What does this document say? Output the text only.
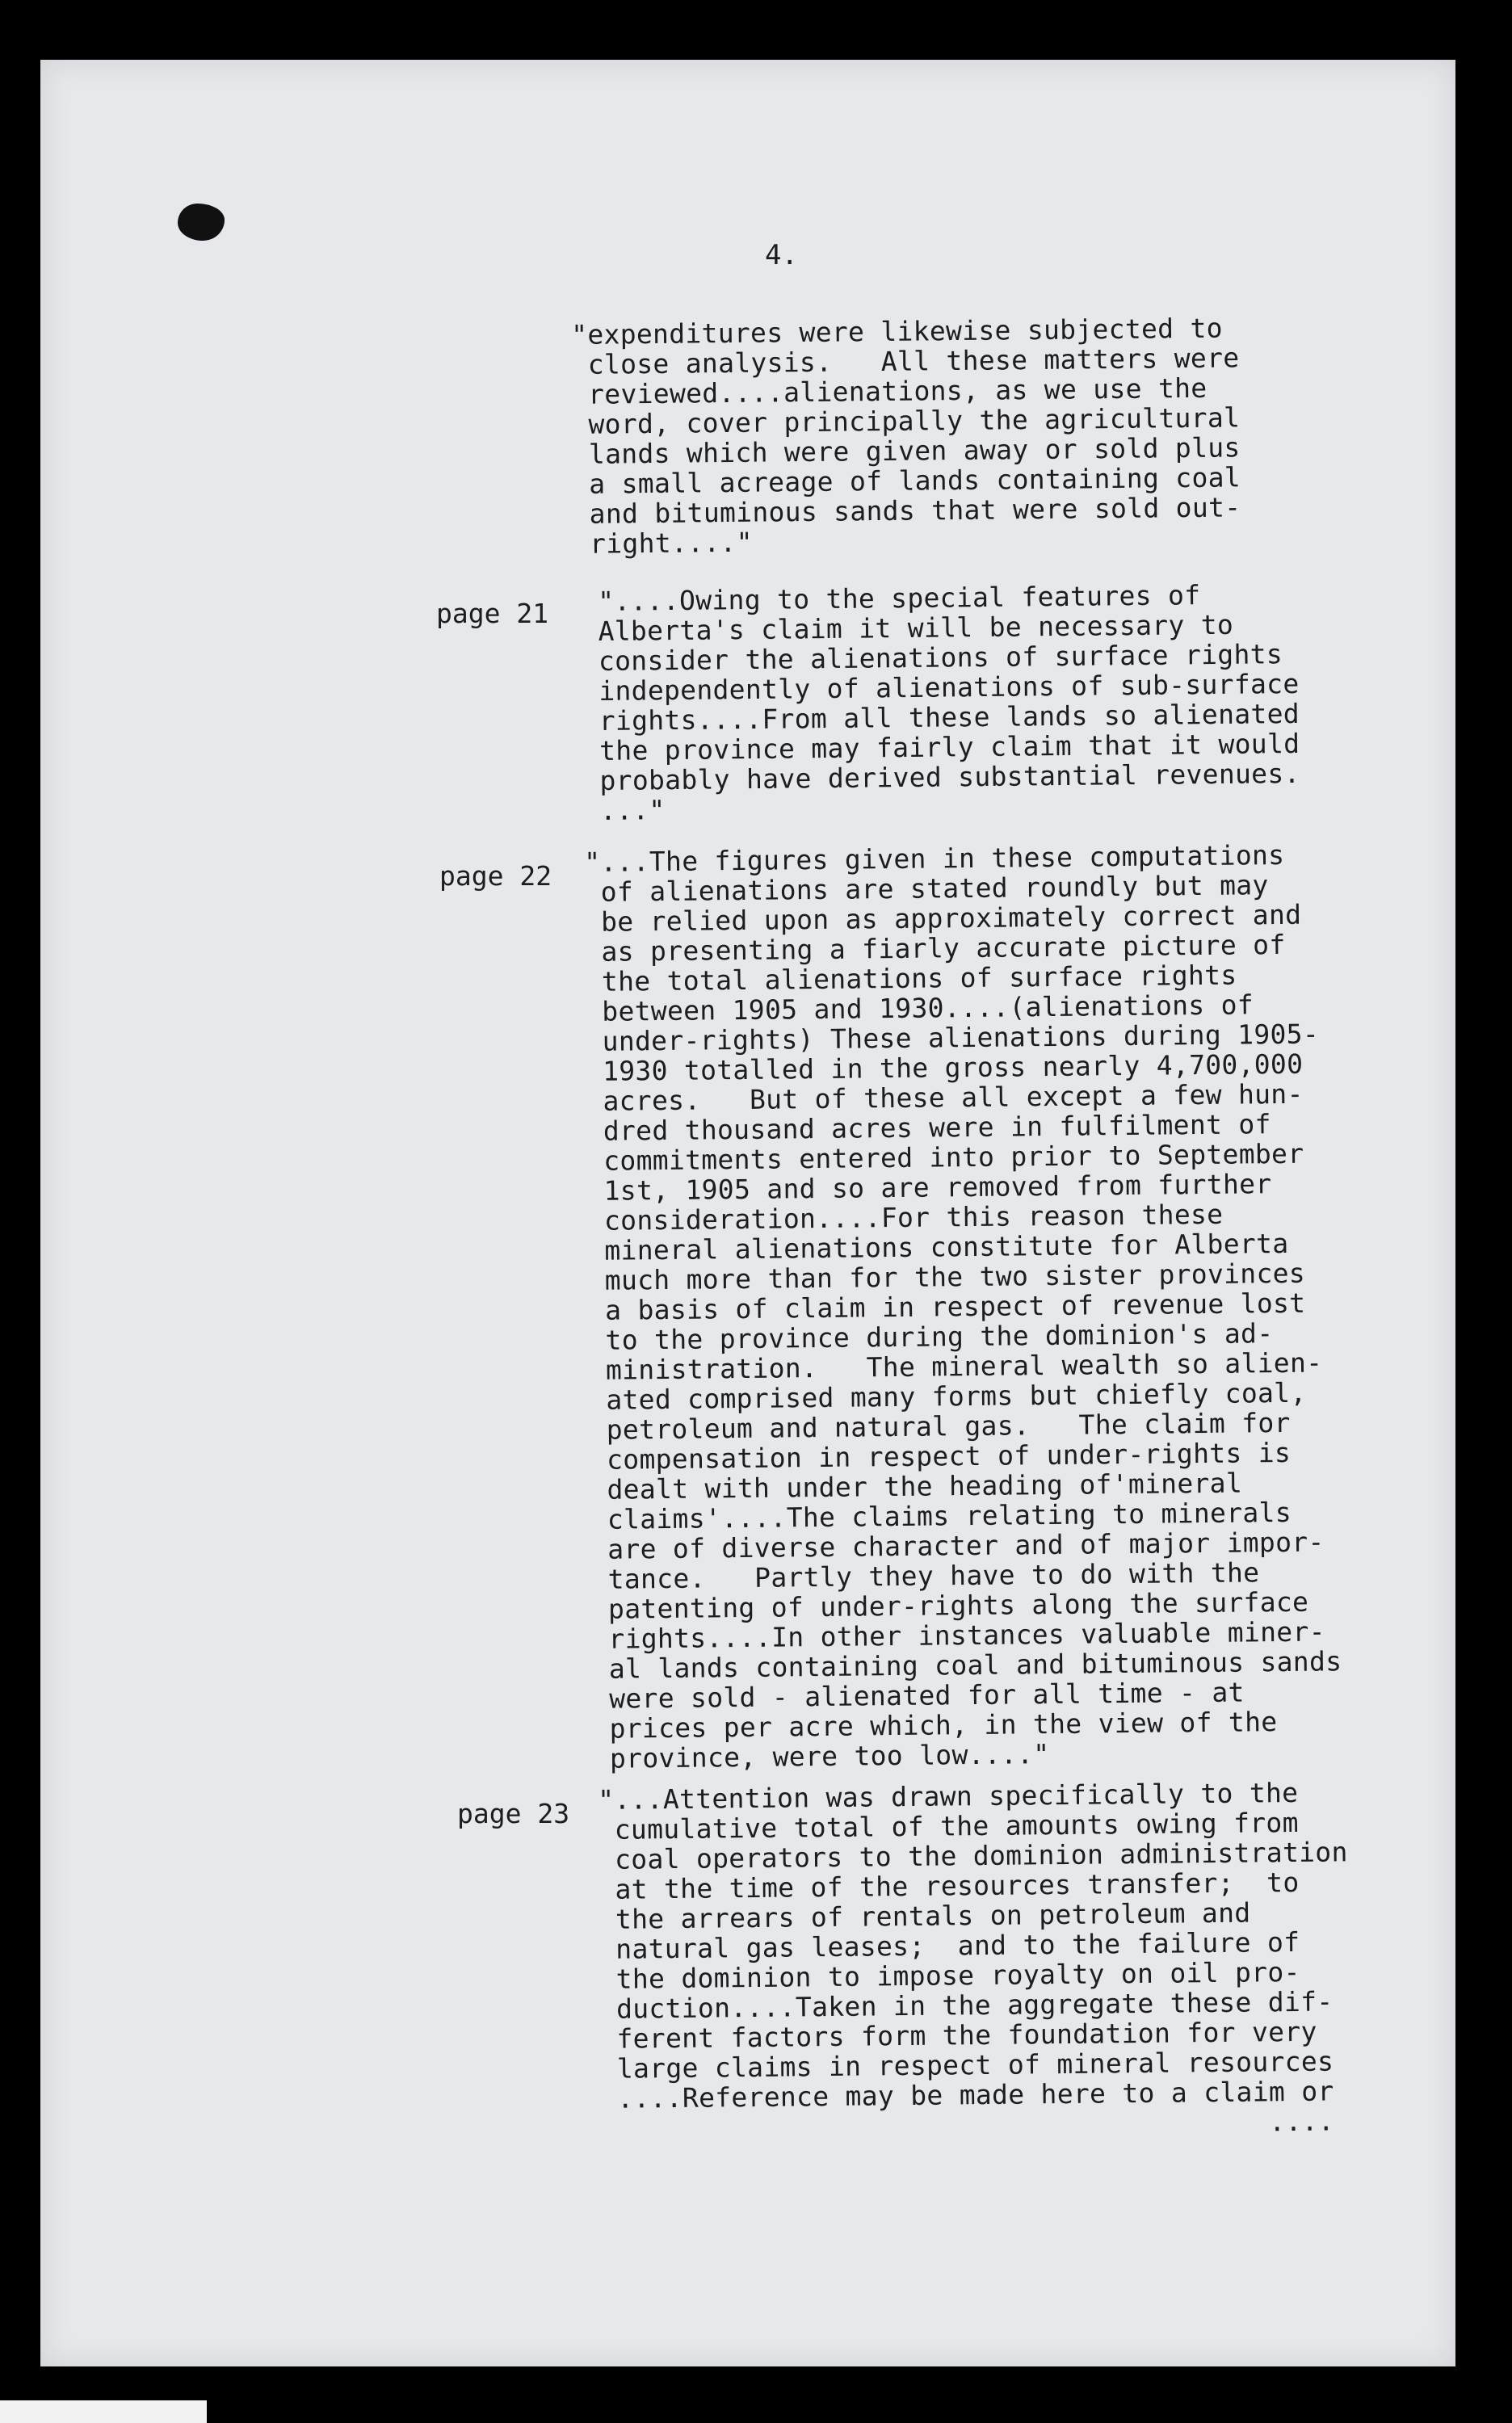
4.
"expenditures were likewise subjected to
close analysis.   All these matters were
reviewed....alienations, as we use the
word, cover principally the agricultural
lands which were given away or sold plus
a small acreage of lands containing coal
and bituminous sands that were sold out-
right...."
page 21 "....Owing to the special features of
Alberta's claim it will be necessary to
consider the alienations of surface rights
independently of alienations of sub-surface
rights....From all these lands so alienated
the province may fairly claim that it would
probably have derived substantial revenues.
..."
page 22 "...The figures given in these computations
of alienations are stated roundly but may
be relied upon as approximately correct and
as presenting a fiarly accurate picture of
the total alienations of surface rights
between 1905 and 1930....(alienations of
under-rights) These alienations during 1905-
1930 totalled in the gross nearly 4,700,000
acres.   But of these all except a few hun-
dred thousand acres were in fulfilment of
commitments entered into prior to September
1st, 1905 and so are removed from further
consideration....For this reason these
mineral alienations constitute for Alberta
much more than for the two sister provinces
a basis of claim in respect of revenue lost
to the province during the dominion's ad-
ministration.   The mineral wealth so alien-
ated comprised many forms but chiefly coal,
petroleum and natural gas.   The claim for
compensation in respect of under-rights is
dealt with under the heading of'mineral
claims'....The claims relating to minerals
are of diverse character and of major impor-
tance.   Partly they have to do with the
patenting of under-rights along the surface
rights....In other instances valuable miner-
al lands containing coal and bituminous sands
were sold - alienated for all time - at
prices per acre which, in the view of the
province, were too low...."
page 23 "...Attention was drawn specifically to the
cumulative total of the amounts owing from
coal operators to the dominion administration
at the time of the resources transfer;  to
the arrears of rentals on petroleum and
natural gas leases;  and to the failure of
the dominion to impose royalty on oil pro-
duction....Taken in the aggregate these dif-
ferent factors form the foundation for very
large claims in respect of mineral resources
....Reference may be made here to a claim or
....
